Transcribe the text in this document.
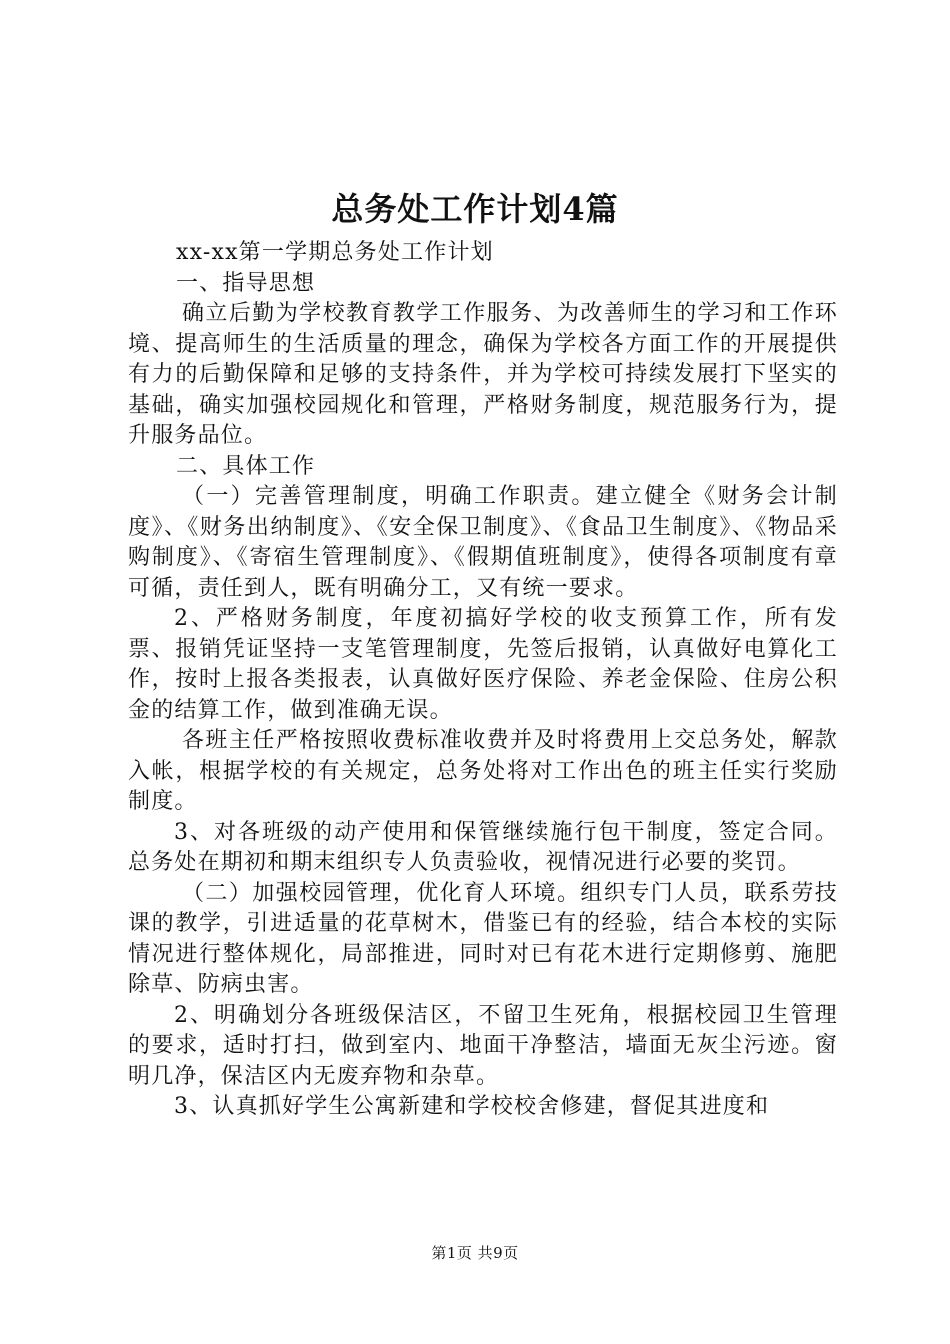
总务处工作计划4篇

xx-xx第一学期总务处工作计划

一、指导思想

确立后勤为学校教育教学工作服务、为改善师生的学习和工作环境、提高师生的生活质量的理念，确保为学校各方面工作的开展提供有力的后勤保障和足够的支持条件，并为学校可持续发展打下坚实的基础，确实加强校园规化和管理，严格财务制度，规范服务行为，提升服务品位。

二、具体工作

（一）完善管理制度，明确工作职责。建立健全《财务会计制度》、《财务出纳制度》、《安全保卫制度》、《食品卫生制度》、《物品采购制度》、《寄宿生管理制度》、《假期值班制度》，使得各项制度有章可循，责任到人，既有明确分工，又有统一要求。

2、严格财务制度，年度初搞好学校的收支预算工作，所有发票、报销凭证坚持一支笔管理制度，先签后报销，认真做好电算化工作，按时上报各类报表，认真做好医疗保险、养老金保险、住房公积金的结算工作，做到准确无误。

各班主任严格按照收费标准收费并及时将费用上交总务处，解款入帐，根据学校的有关规定，总务处将对工作出色的班主任实行奖励制度。

3、对各班级的动产使用和保管继续施行包干制度，签定合同。总务处在期初和期末组织专人负责验收，视情况进行必要的奖罚。

（二）加强校园管理，优化育人环境。组织专门人员，联系劳技课的教学，引进适量的花草树木，借鉴已有的经验，结合本校的实际情况进行整体规化，局部推进，同时对已有花木进行定期修剪、施肥除草、防病虫害。

2、明确划分各班级保洁区，不留卫生死角，根据校园卫生管理的要求，适时打扫，做到室内、地面干净整洁，墙面无灰尘污迹。窗明几净，保洁区内无废弃物和杂草。

3、认真抓好学生公寓新建和学校校舍修建，督促其进度和

第1页 共9页
